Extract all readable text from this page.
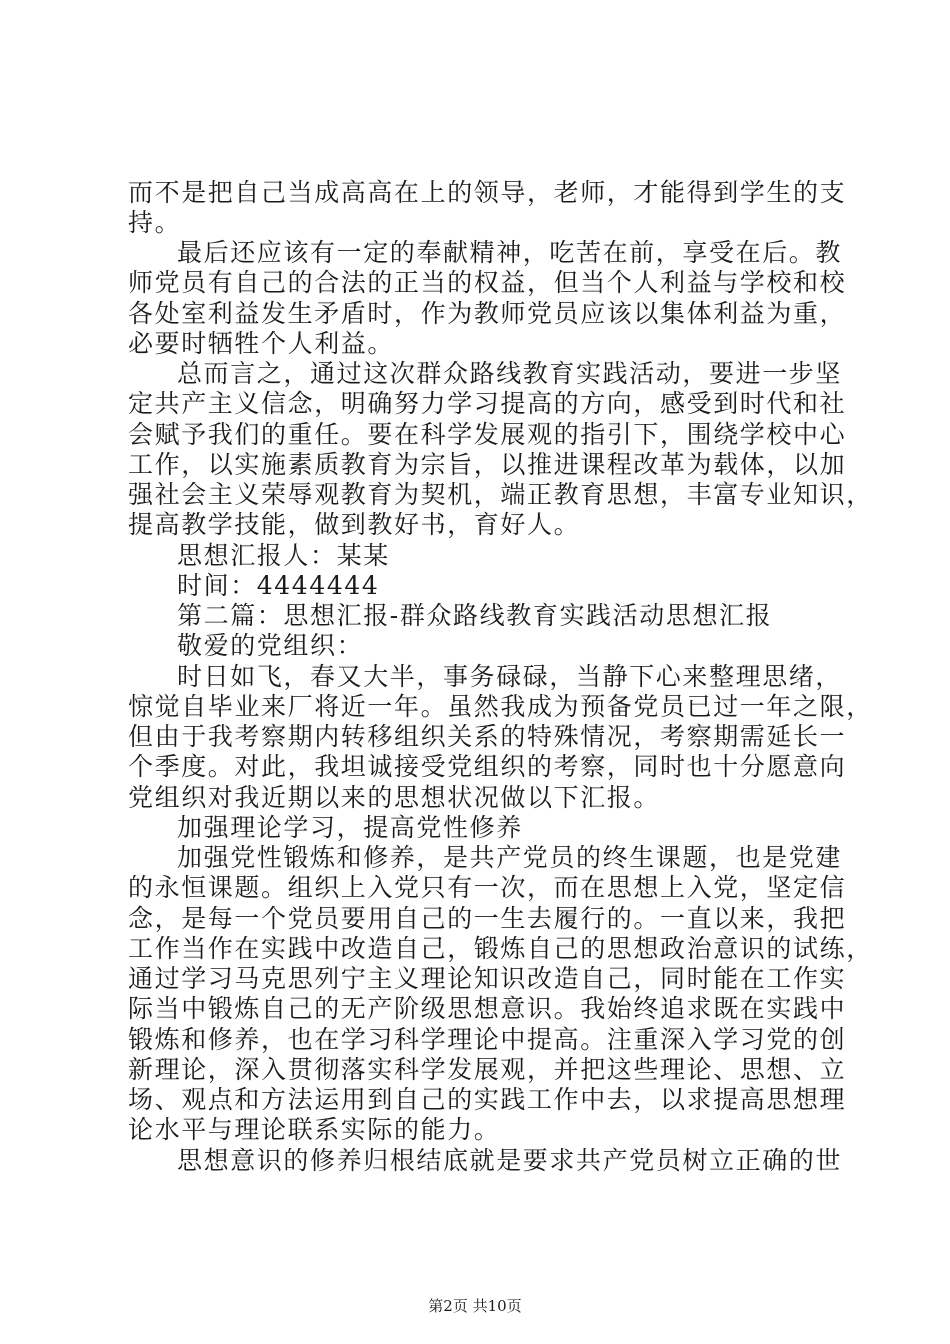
而不是把自己当成高高在上的领导，老师，才能得到学生的支
持。
最后还应该有一定的奉献精神，吃苦在前，享受在后。教
师党员有自己的合法的正当的权益，但当个人利益与学校和校
各处室利益发生矛盾时，作为教师党员应该以集体利益为重，
必要时牺牲个人利益。
总而言之，通过这次群众路线教育实践活动，要进一步坚
定共产主义信念，明确努力学习提高的方向，感受到时代和社
会赋予我们的重任。要在科学发展观的指引下，围绕学校中心
工作，以实施素质教育为宗旨，以推进课程改革为载体，以加
强社会主义荣辱观教育为契机，端正教育思想，丰富专业知识，
提高教学技能，做到教好书，育好人。
思想汇报人：某某
时间：4444444
第二篇：思想汇报-群众路线教育实践活动思想汇报
敬爱的党组织：
时日如飞，春又大半，事务碌碌，当静下心来整理思绪，
惊觉自毕业来厂将近一年。虽然我成为预备党员已过一年之限，
但由于我考察期内转移组织关系的特殊情况，考察期需延长一
个季度。对此，我坦诚接受党组织的考察，同时也十分愿意向
党组织对我近期以来的思想状况做以下汇报。
加强理论学习，提高党性修养
加强党性锻炼和修养，是共产党员的终生课题，也是党建
的永恒课题。组织上入党只有一次，而在思想上入党，坚定信
念，是每一个党员要用自己的一生去履行的。一直以来，我把
工作当作在实践中改造自己，锻炼自己的思想政治意识的试练，
通过学习马克思列宁主义理论知识改造自己，同时能在工作实
际当中锻炼自己的无产阶级思想意识。我始终追求既在实践中
锻炼和修养，也在学习科学理论中提高。注重深入学习党的创
新理论，深入贯彻落实科学发展观，并把这些理论、思想、立
场、观点和方法运用到自己的实践工作中去，以求提高思想理
论水平与理论联系实际的能力。
思想意识的修养归根结底就是要求共产党员树立正确的世
第2页 共10页
